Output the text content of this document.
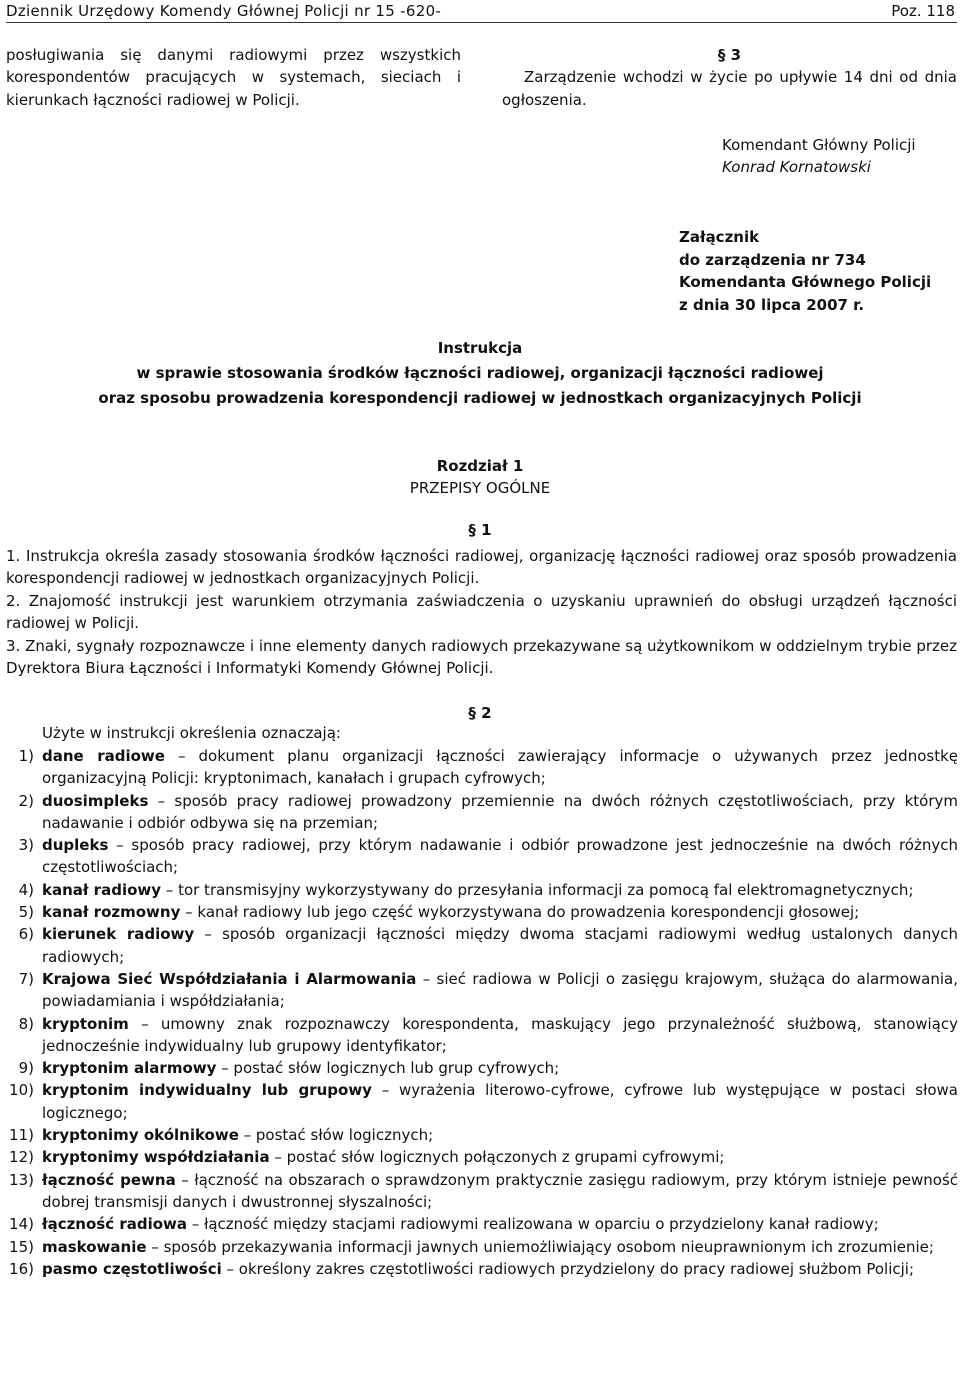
Dziennik Urzędowy Komendy Głównej Policji nr 15 -620-	Poz. 118
posługiwania się danymi radiowymi przez wszystkich korespondentów pracujących w systemach, sieciach i kierunkach łączności radiowej w Policji.
§ 3
Zarządzenie wchodzi w życie po upływie 14 dni od dnia ogłoszenia.
Komendant Główny Policji
Konrad Kornatowski
Załącznik
do zarządzenia nr 734
Komendanta Głównego Policji
z dnia 30 lipca 2007 r.
Instrukcja
w sprawie stosowania środków łączności radiowej, organizacji łączności radiowej
oraz sposobu prowadzenia korespondencji radiowej w jednostkach organizacyjnych Policji
Rozdział 1
PRZEPISY OGÓLNE
§ 1
1. Instrukcja określa zasady stosowania środków łączności radiowej, organizację łączności radiowej oraz sposób prowadzenia korespondencji radiowej w jednostkach organizacyjnych Policji.
2. Znajomość instrukcji jest warunkiem otrzymania zaświadczenia o uzyskaniu uprawnień do obsługi urządzeń łączności radiowej w Policji.
3. Znaki, sygnały rozpoznawcze i inne elementy danych radiowych przekazywane są użytkownikom w oddzielnym trybie przez Dyrektora Biura Łączności i Informatyki Komendy Głównej Policji.
§ 2
Użyte w instrukcji określenia oznaczają:
1) dane radiowe – dokument planu organizacji łączności zawierający informacje o używanych przez jednostkę organizacyjną Policji: kryptonimach, kanałach i grupach cyfrowych;
2) duosimpleks – sposób pracy radiowej prowadzony przemiennie na dwóch różnych częstotliwościach, przy którym nadawanie i odbiór odbywa się na przemian;
3) dupleks – sposób pracy radiowej, przy którym nadawanie i odbiór prowadzone jest jednocześnie na dwóch różnych częstotliwościach;
4) kanał radiowy – tor transmisyjny wykorzystywany do przesyłania informacji za pomocą fal elektromagnetycznych;
5) kanał rozmowny – kanał radiowy lub jego część wykorzystywana do prowadzenia korespondencji głosowej;
6) kierunek radiowy – sposób organizacji łączności między dwoma stacjami radiowymi według ustalonych danych radiowych;
7) Krajowa Sieć Współdziałania i Alarmowania – sieć radiowa w Policji o zasięgu krajowym, służąca do alarmowania, powiadamiania i współdziałania;
8) kryptonim – umowny znak rozpoznawczy korespondenta, maskujący jego przynależność służbową, stanowiący jednocześnie indywidualny lub grupowy identyfikator;
9) kryptonim alarmowy – postać słów logicznych lub grup cyfrowych;
10) kryptonim indywidualny lub grupowy – wyrażenia literowo-cyfrowe, cyfrowe lub występujące w postaci słowa logicznego;
11) kryptonimy okólnikowe – postać słów logicznych;
12) kryptonimy współdziałania – postać słów logicznych połączonych z grupami cyfrowymi;
13) łączność pewna – łączność na obszarach o sprawdzonym praktycznie zasięgu radiowym, przy którym istnieje pewność dobrej transmisji danych i dwustronnej słyszalności;
14) łączność radiowa – łączność między stacjami radiowymi realizowana w oparciu o przydzielony kanał radiowy;
15) maskowanie – sposób przekazywania informacji jawnych uniemożliwiający osobom nieuprawnionym ich zrozumienie;
16) pasmo częstotliwości – określony zakres częstotliwości radiowych przydzielony do pracy radiowej służbom Policji;
